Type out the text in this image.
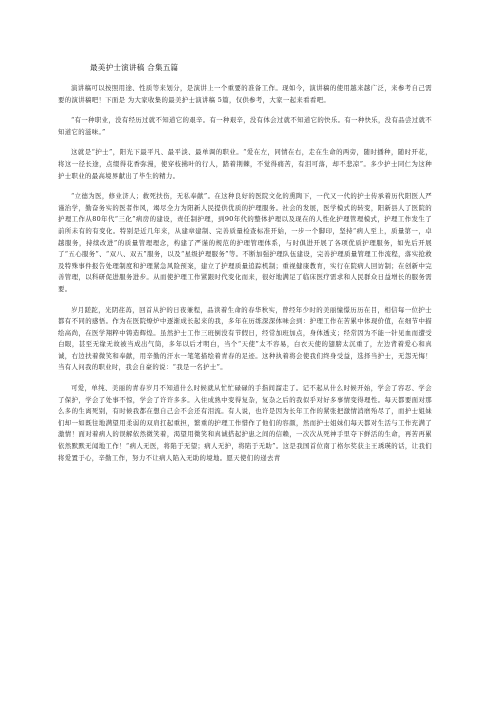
最美护士演讲稿 合集五篇

演讲稿可以按照用途、性质等来划分，是演讲上一个重要的准备工作。现如今，演讲稿的使用越来越广泛，来参考自己需要的演讲稿吧！下面是 为大家收集的最美护士演讲稿 5篇，仅供参考，大家一起来看看吧。

“有一种职业，没有经历过就不知道它的艰辛。有一种艰辛，没有体会过就不知道它的快乐。有一种快乐，没有品尝过就不知道它的滋味。”

这就是“护士”，阳光下最平凡、最平淡、最单调的职业。“爱在左，同情在右，走在生命的两旁，随时播种，随时开花，将这一径长途，点缀得花香弥漫，使穿枝拂叶的行人，踏着荆棘，不觉得痛苦，有泪可落，却不悲凉”。多少护士同仁为这种护士职业的最高境界献出了毕生的精力。

“立德为医，修业济人；救死扶伤，无私奉献”。在这种良好的医院文化的熏陶下，一代又一代的护士传承着历代阳医人严谨治学，勤奋务实的医者作风，竭尽全力为阳新人民提供优质的护理服务。社会的发展，医学模式的转变，阳新县人了医院的护理工作从80年代“三化”病房的建设，责任制护理，到90年代的整体护理以及现在的人性化护理管理模式，护理工作发生了前所未有的有变化。特别是近几年来，从建章建制、完善质量检查标准开始，一步一个脚印，坚持“病人至上，质量第一，卓越服务，持续改进”的质量管理理念，构建了严谨的规范的护理管理体系，与时俱进开展了各项优质护理服务，如先后开展了“五心服务”、“双八、双五”服务，以及“星级护理服务”等。不断加强护理队伍建设，完善护理质量管理工作流程，落实抢救及特殊事件报告处理制度和护理紧急风险预案，建立了护理质量追踪机制；重视健康教育，实行在院病人回访制；在创新中完善管理，以科研促进服务进步。从而使护理工作紧跟时代变化而来，很好地满足了临床医疗需求和人民群众日益增长的服务需要。

岁月蹉跎，光阴荏苒，回首从护的日夜兼程，品读着生命的春华秋实，曾经年少时的美丽憧憬历历在目，相信每一位护士都有不同的感悟。作为在医院燎炉中逐渐成长起来的我，多年在历练深深体味会到：护理工作在苦累中体现价值，在细节中描绘高尚，在医学翔粹中铸造辉煌。虽然护士工作三班倒没有节假日，经常加班加点，身体透支；经常因为不能一针见血而遭受白眼，甚至无缘无故被当成出气筒，多年以后才明白，当个“天使”太不容易，白衣天使的翅膀太沉重了，左边背着爱心和真诚，右边扶着微笑和奉献，用辛勤的汗水一笔笔描绘着青春的足迹。这种执着将会使我们终身受益，选择当护士，无怨无悔！当有人问我的职业时，我会自豪的说：“我是一名护士”。

可爱，单纯、美丽的青春岁月不知道什么时候就从忙忙碌碌的手指间溜走了。记不起从什么时候开始，学会了容忍、学会了保护，学会了处事不惊，学会了许许多多。入住成熟中变得复杂，复杂之后的我似乎对好多事情变得理性。每天都要面对那么多的生离死别，有时候我都在想自己会不会还有泪流。有人说，也许是因为长年工作的紧张把激情消磨殆尽了，而护士姐妹们却一如既往地满望用柔弱的双肩扛起重担，繁重的护理工作惜作了他们的容颜，然而护士姐妹们每天都对生活与工作充满了激情！面对着病人的误解依然微笑着，渴望用微笑和真诚搭起护患之间的信赖，一次次从死神手里夺下鲜活的生命，再苦再累依然默默无闻地工作！“病人无医，将陷于无望；病人无护，将陷于无助”。这是我国首位南丁格尔奖获主王琇瑛的话，让我们将爱置于心，辛勤工作，努力不让病人陷入无助的境地。愿天使们的递去青
